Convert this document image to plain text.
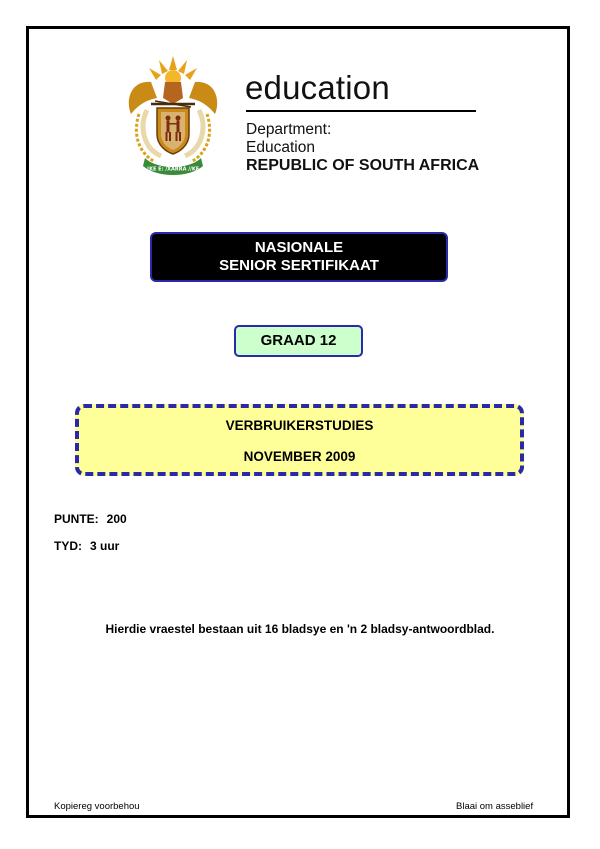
!KE E: /XARRA //KE
education
Department:
Education
REPUBLIC OF SOUTH AFRICA
NASIONALE
SENIOR SERTIFIKAAT
GRAAD 12
VERBRUIKERSTUDIES
NOVEMBER 2009
PUNTE: 200
TYD: 3 uur
Hierdie vraestel bestaan uit 16 bladsye en 'n 2 bladsy-antwoordblad.
Kopiereg voorbehou	Blaai om asseblief
